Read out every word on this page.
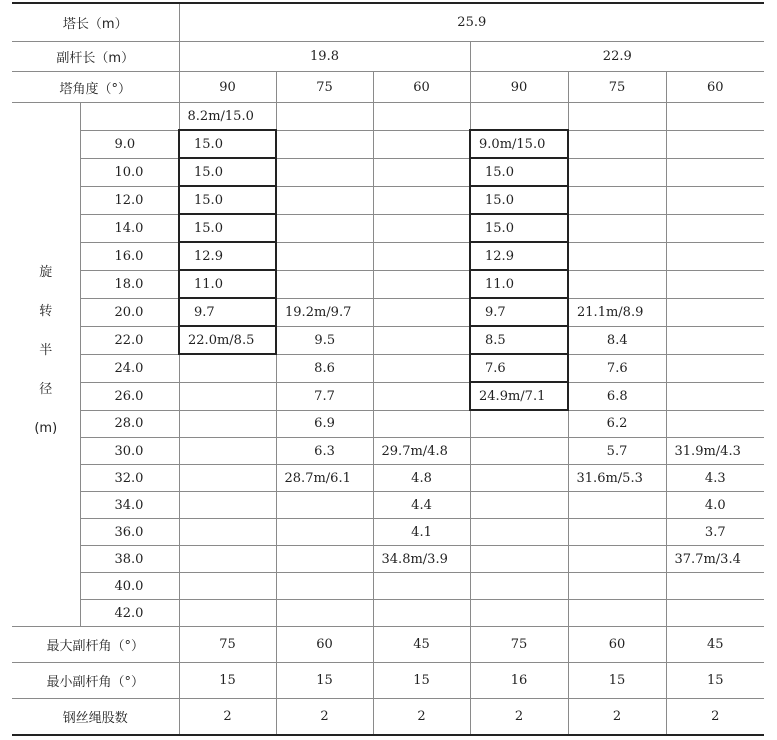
塔长（m）		25.9					
副杆长（m）		19.8			22.9		
塔角度（°）		90	75	60	90	75	60

旋
转
半
径
(m)		8.2m/15.0					
	9.0	15.0			9.0m/15.0		
	10.0	15.0			15.0		
	12.0	15.0			15.0		
	14.0	15.0			15.0		
	16.0	12.9			12.9		
	18.0	11.0			11.0		
	20.0	9.7	19.2m/9.7		9.7	21.1m/8.9	
	22.0	22.0m/8.5	9.5		8.5	8.4	
	24.0		8.6		7.6	7.6	
	26.0		7.7		24.9m/7.1	6.8	
	28.0		6.9			6.2	
	30.0		6.3	29.7m/4.8		5.7	31.9m/4.3
	32.0		28.7m/6.1	4.8		31.6m/5.3	4.3
	34.0			4.4			4.0
	36.0			4.1			3.7
	38.0			34.8m/3.9			37.7m/3.4
	40.0						
	42.0						
最大副杆角（°）		75	60	45	75	60	45
最小副杆角（°）		15	15	15	16	15	15
钢丝绳股数		2	2	2	2	2	2
